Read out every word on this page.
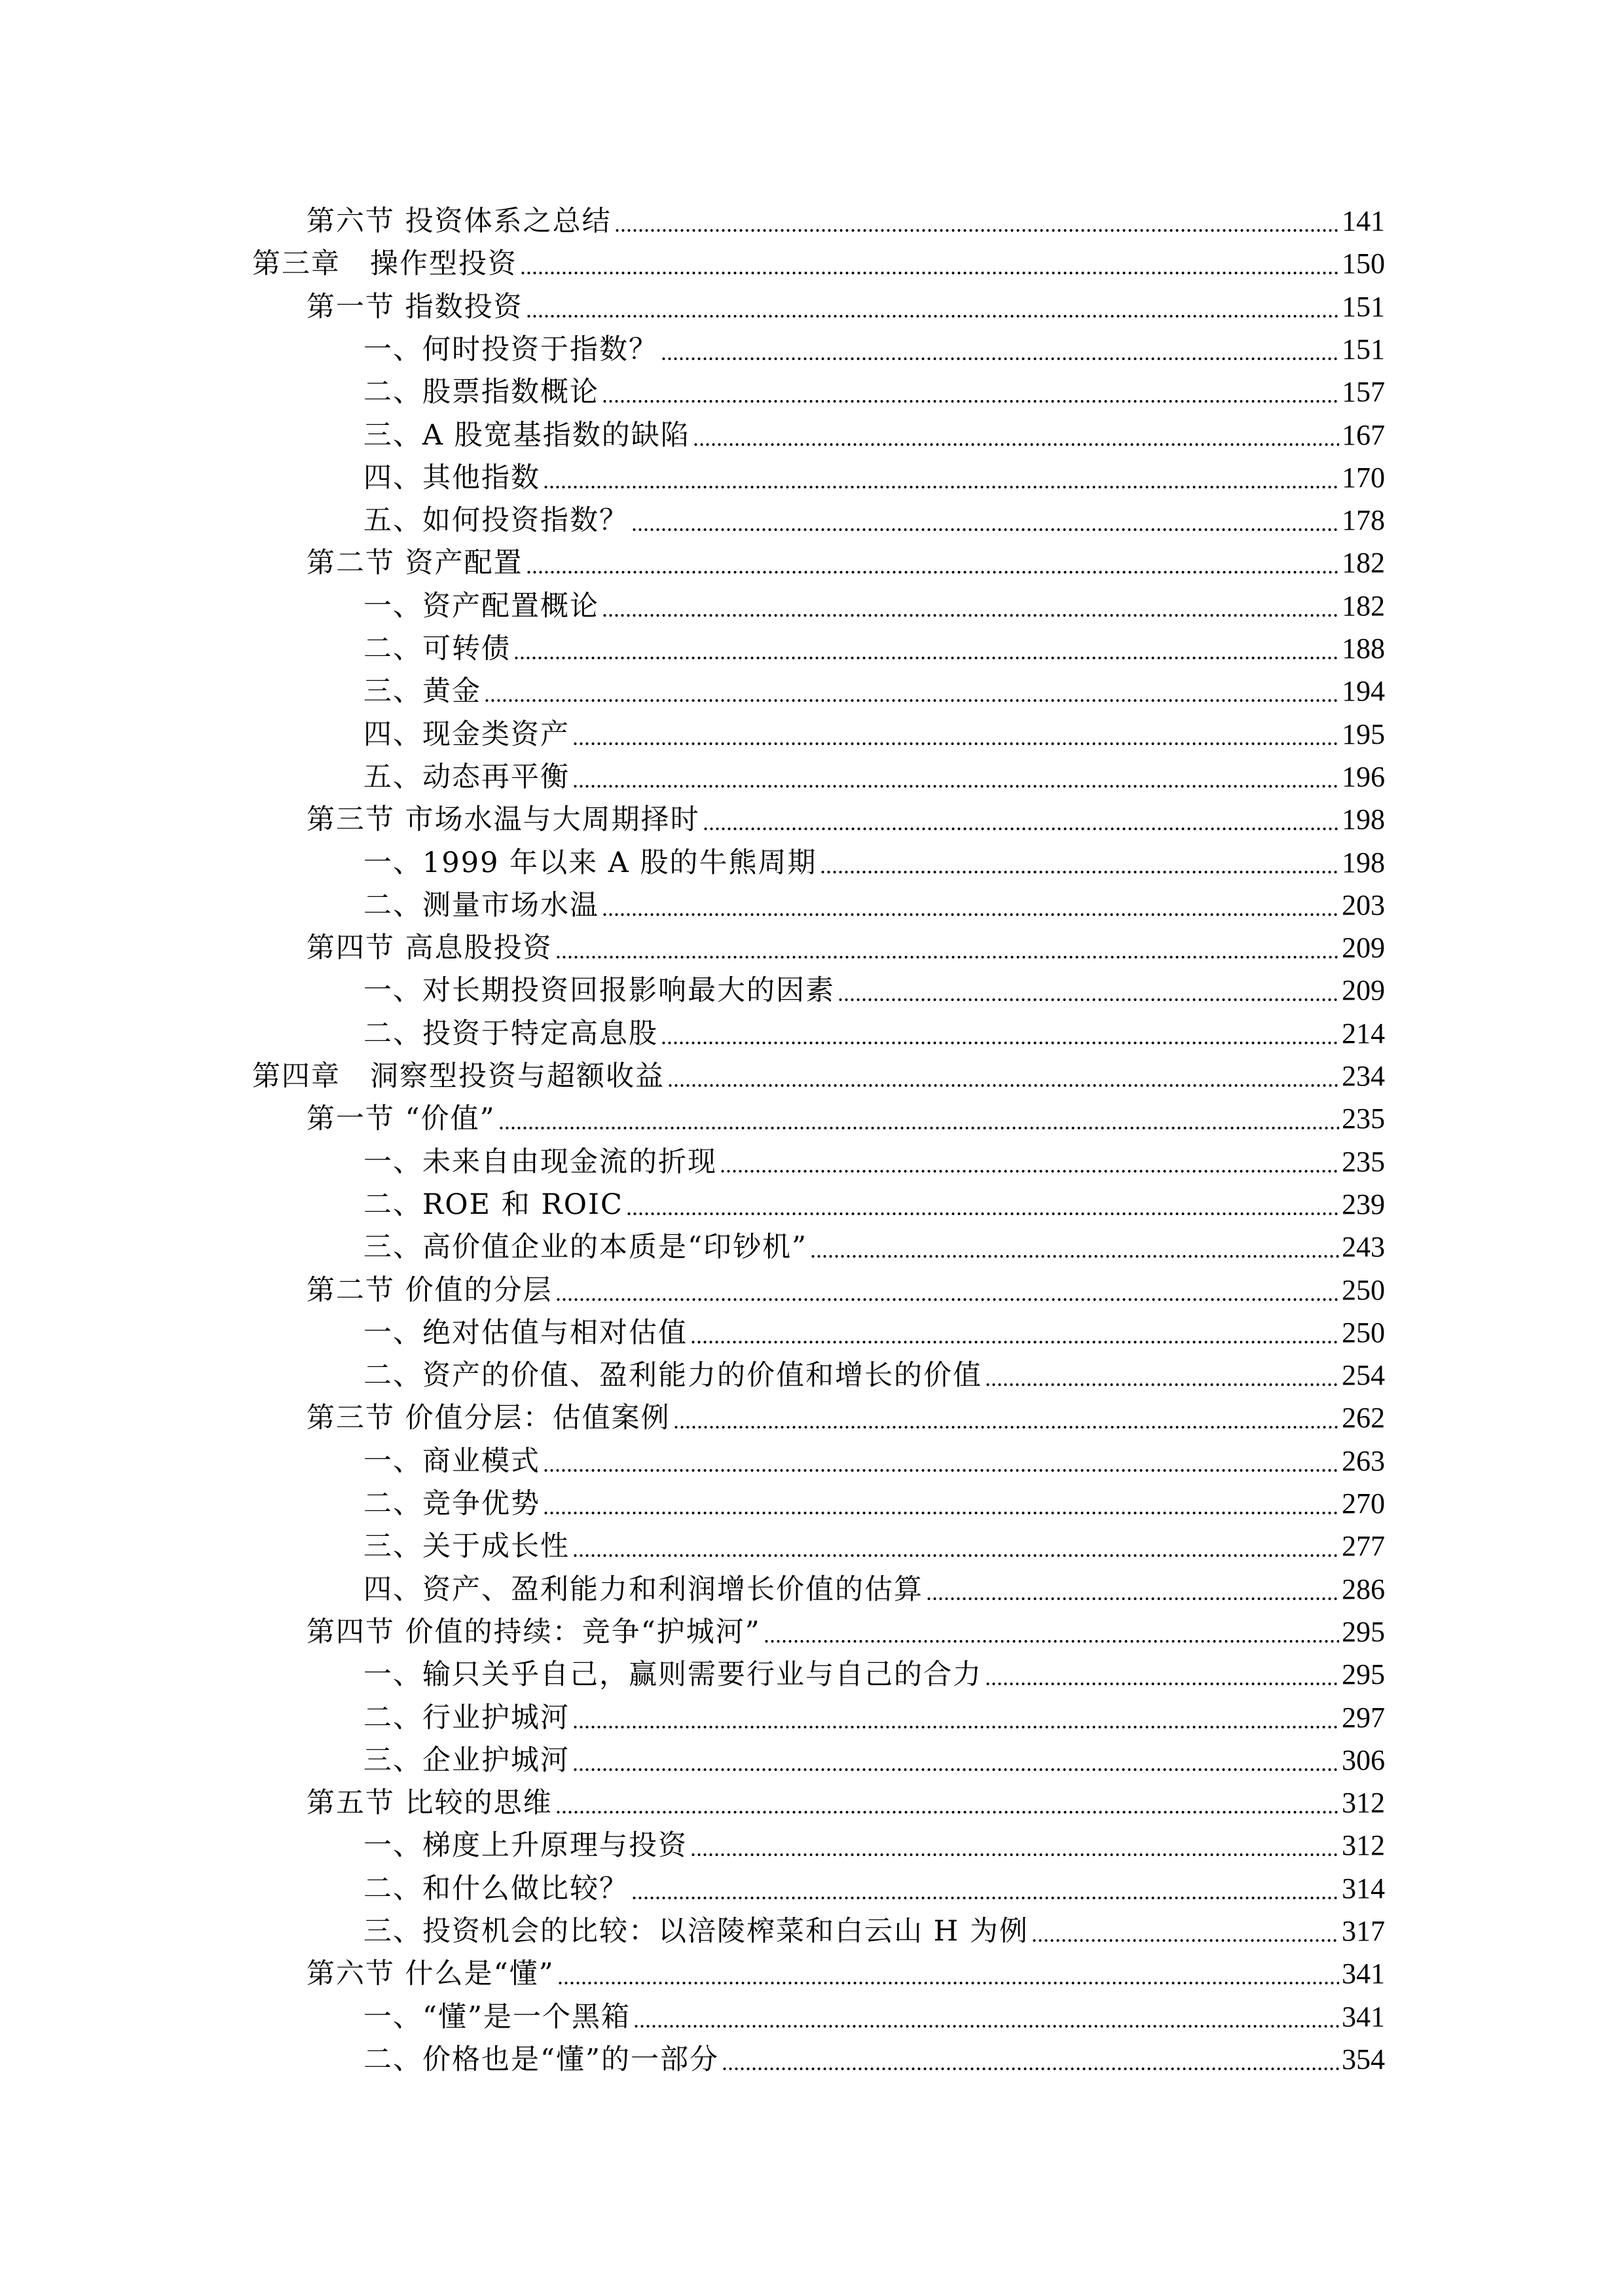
第六节 投资体系之总结	141
第三章　操作型投资	150
第一节 指数投资	151
一、何时投资于指数？	151
二、股票指数概论	157
三、A 股宽基指数的缺陷	167
四、其他指数	170
五、如何投资指数？	178
第二节 资产配置	182
一、资产配置概论	182
二、可转债	188
三、黄金	194
四、现金类资产	195
五、动态再平衡	196
第三节 市场水温与大周期择时	198
一、1999 年以来 A 股的牛熊周期	198
二、测量市场水温	203
第四节 高息股投资	209
一、对长期投资回报影响最大的因素	209
二、投资于特定高息股	214
第四章　洞察型投资与超额收益	234
第一节 “价值”	235
一、未来自由现金流的折现	235
二、ROE 和 ROIC	239
三、高价值企业的本质是“印钞机”	243
第二节 价值的分层	250
一、绝对估值与相对估值	250
二、资产的价值、盈利能力的价值和增长的价值	254
第三节 价值分层：估值案例	262
一、商业模式	263
二、竞争优势	270
三、关于成长性	277
四、资产、盈利能力和利润增长价值的估算	286
第四节 价值的持续：竞争“护城河”	295
一、输只关乎自己，赢则需要行业与自己的合力	295
二、行业护城河	297
三、企业护城河	306
第五节 比较的思维	312
一、梯度上升原理与投资	312
二、和什么做比较？	314
三、投资机会的比较：以涪陵榨菜和白云山 H 为例	317
第六节 什么是“懂”	341
一、“懂”是一个黑箱	341
二、价格也是“懂”的一部分	354
